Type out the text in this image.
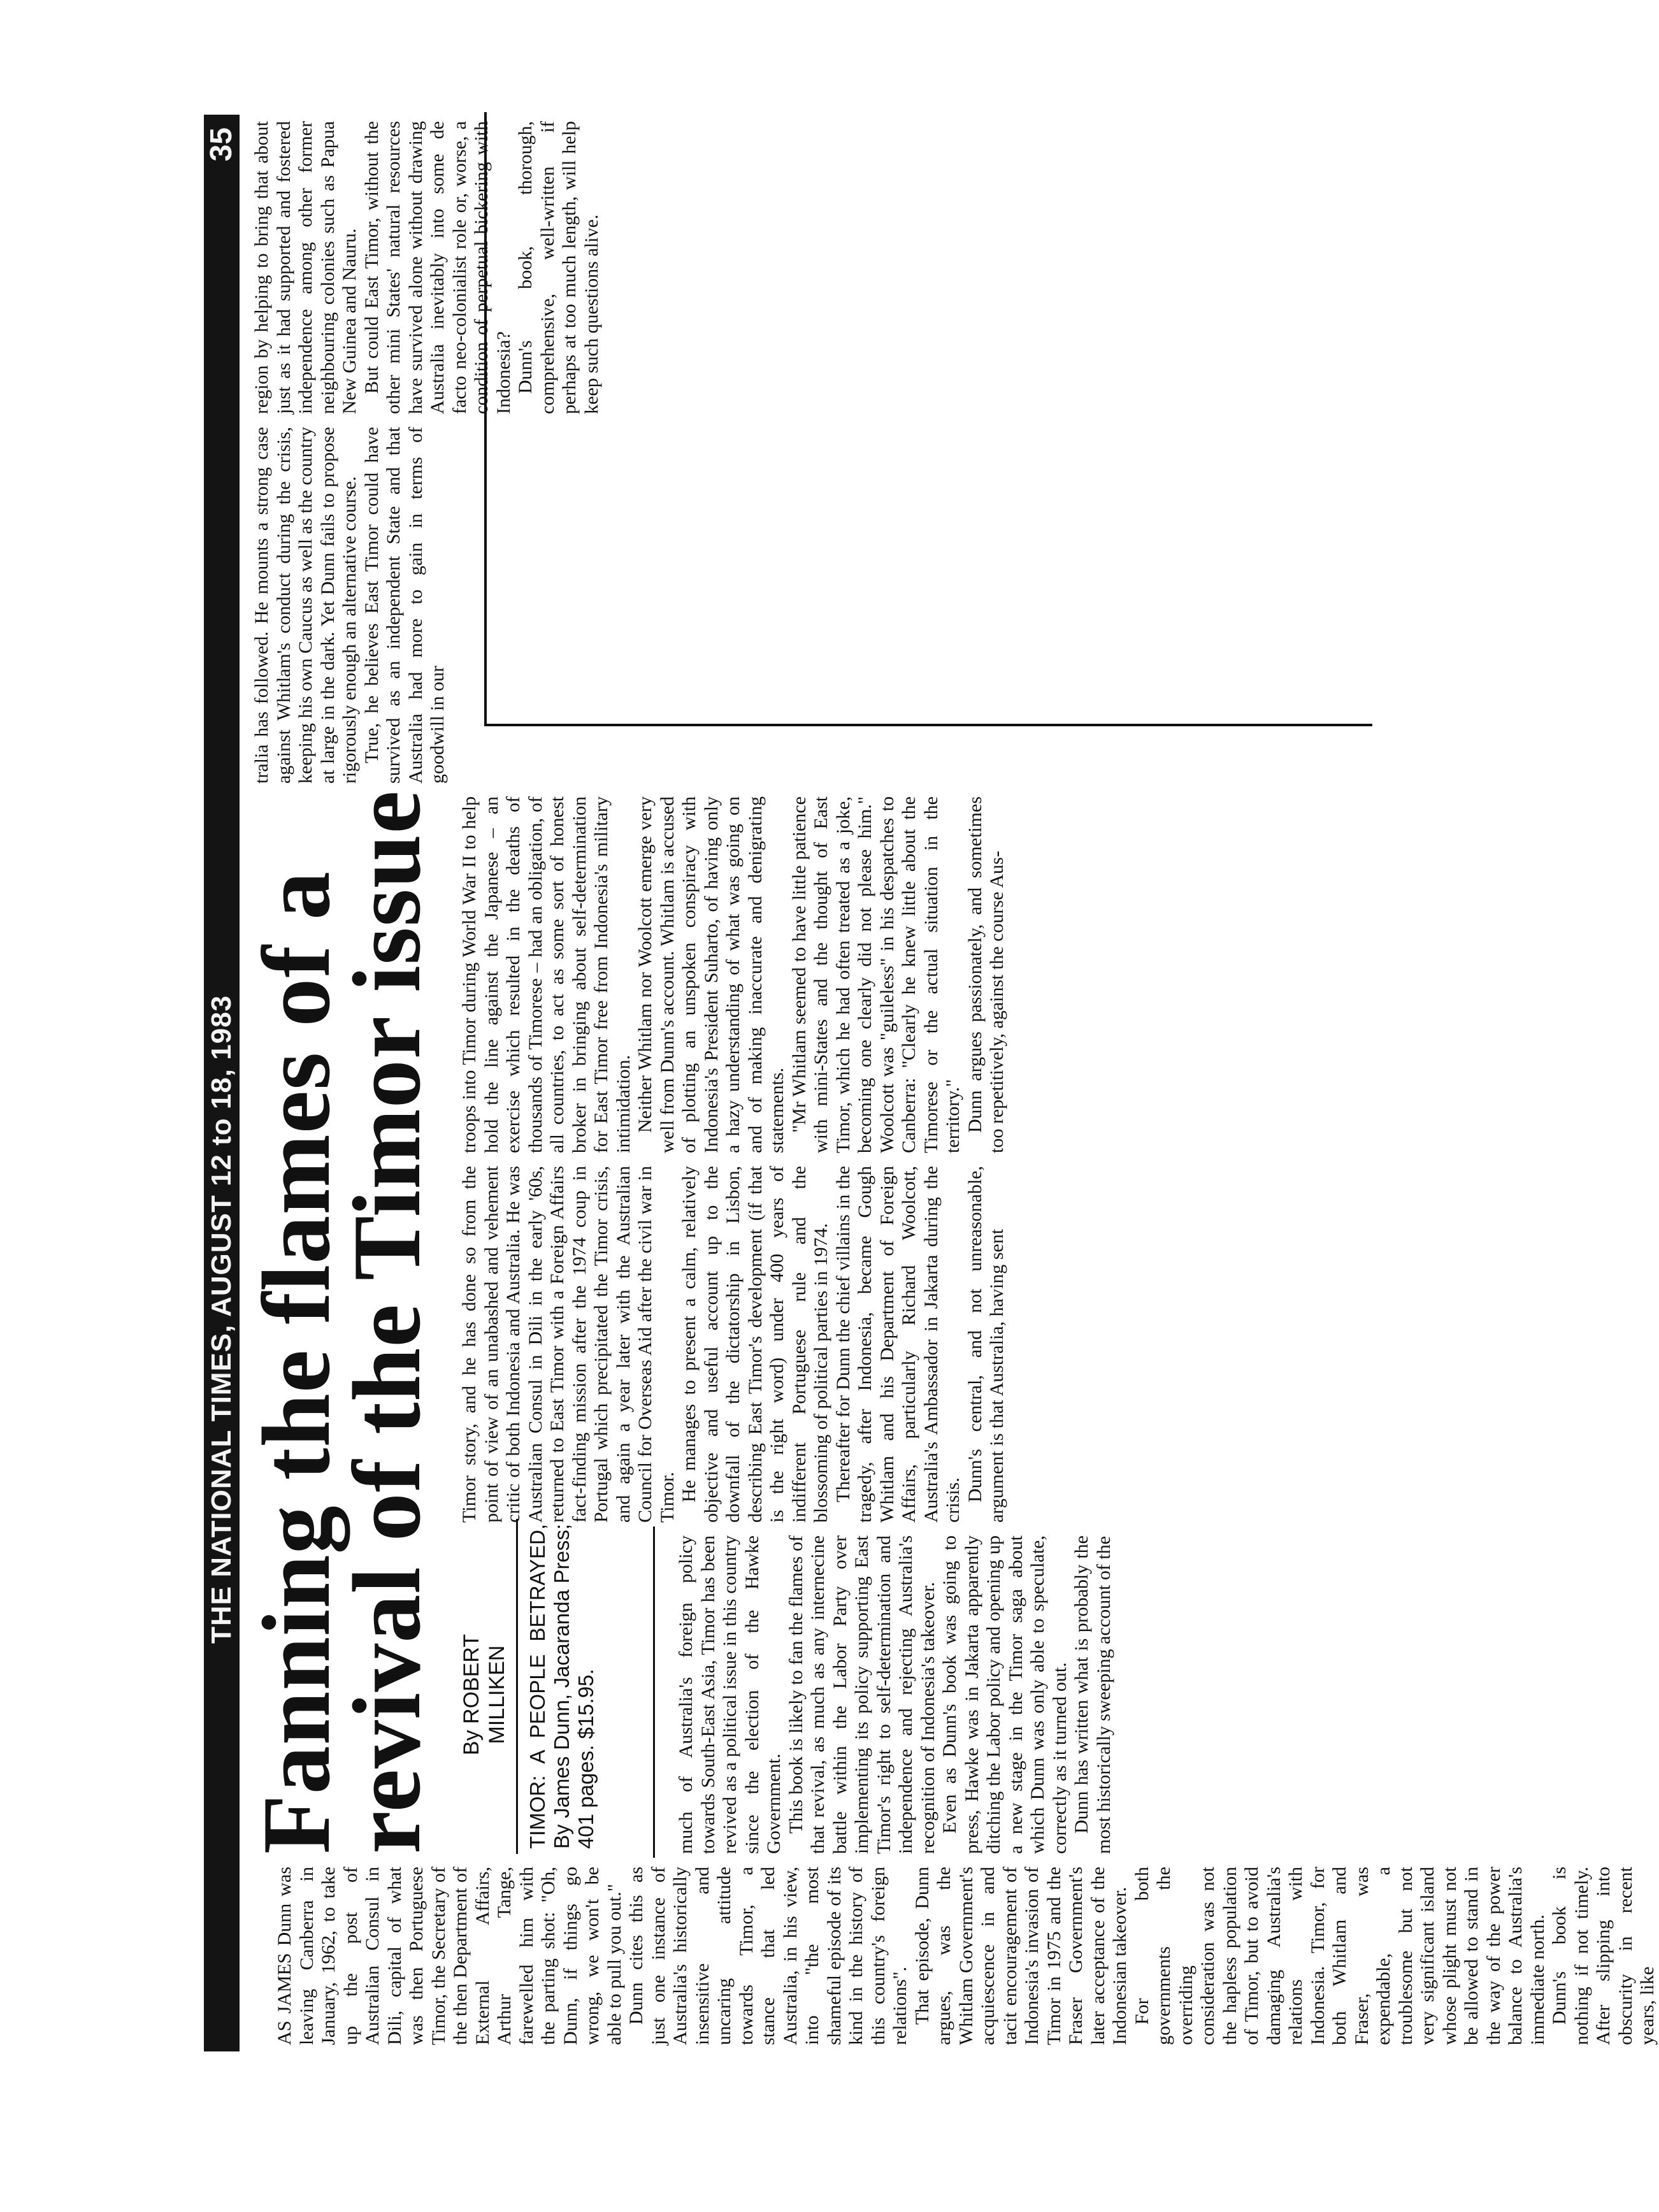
THE NATIONAL TIMES, AUGUST 12 to 18, 1983
35

AS JAMES Dunn was leaving Canberra in January, 1962, to take up the post of Australian Consul in Dili, capital of what was then Portuguese Timor, the Secretary of the then Department of External Affairs, Arthur Tange, farewelled him with the parting shot: "Oh, Dunn, if things go wrong, we won't be able to pull you out." Dunn cites this as just one instance of Australia's historically insensitive and uncaring attitude towards Timor, a stance that led Australia, in his view, into "the most shameful episode of its kind in the history of this country's foreign relations". That episode, Dunn argues, was the Whitlam Government's acquiescence in and tacit encouragement of Indonesia's invasion of Timor in 1975 and the Fraser Government's later acceptance of the Indonesian takeover. For both governments the overriding consideration was not the hapless population of Timor, but to avoid damaging Australia's relations with Indonesia. Timor, for both Whitlam and Fraser, was expendable, a troublesome but not very significant island whose plight must not be allowed to stand in the way of the power balance to Australia's immediate north. Dunn's book is nothing if not timely. After slipping into obscurity in recent years, like

Fanning the flames of a
revival of the Timor issue By ROBERT MILLIKEN TIMOR: A PEOPLE BETRAYED, By James Dunn, Jacaranda Press; 401 pages. $15.95.	much of Australia's foreign policy towards South-East Asia, Timor has been revived as a political issue in this country since the election of the Hawke Government. This book is likely to fan the flames of that revival, as much as any internecine battle within the Labor Party over implementing its policy supporting East Timor's right to self-determination and independence and rejecting Australia's recognition of Indonesia's takeover. Even as Dunn's book was going to press, Hawke was in Jakarta apparently ditching the Labor policy and opening up a new stage in the Timor saga about which Dunn was only able to speculate, correctly as it turned out. Dunn has written what is probably the most historically sweeping account of the

Timor story, and he has done so from the point of view of an unabashed and vehement critic of both Indonesia and Australia. He was Australian Consul in Dili in the early '60s, returned to East Timor with a Foreign Affairs fact-finding mission after the 1974 coup in Portugal which precipitated the Timor crisis, and again a year later with the Australian Council for Overseas Aid after the civil war in Timor. He manages to present a calm, relatively objective and useful account up to the downfall of the dictatorship in Lisbon, describing East Timor's development (if that is the right word) under 400 years of indifferent Portuguese rule and the blossoming of political parties in 1974. Thereafter for Dunn the chief villains in the tragedy, after Indonesia, became Gough Whitlam and his Department of Foreign Affairs, particularly Richard Woolcott, Australia's Ambassador in Jakarta during the crisis. Dunn's central, and not unreasonable, argument is that Australia, having sent

troops into Timor during World War II to help hold the line against the Japanese – an exercise which resulted in the deaths of thousands of Timorese – had an obligation, of all countries, to act as some sort of honest broker in bringing about self-determination for East Timor free from Indonesia's military intimidation. Neither Whitlam nor Woolcott emerge very well from Dunn's account. Whitlam is accused of plotting an unspoken conspiracy with Indonesia's President Suharto, of having only a hazy understanding of what was going on and of making inaccurate and denigrating statements. "Mr Whitlam seemed to have little patience with mini-States and the thought of East Timor, which he had often treated as a joke, becoming one clearly did not please him." Woolcott was "guileless" in his despatches to Canberra: "Clearly he knew little about the Timorese or the actual situation in the territory." Dunn argues passionately, and sometimes too repetitively, against the course Aus-

tralia has followed. He mounts a strong case against Whitlam's conduct during the crisis, keeping his own Caucus as well as the country at large in the dark. Yet Dunn fails to propose rigorously enough an alternative course. True, he believes East Timor could have survived as an independent State and that Australia had more to gain in terms of goodwill in our

region by helping to bring that about just as it had supported and fostered independence among other former neighbouring colonies such as Papua New Guinea and Nauru. But could East Timor, without the other mini States' natural resources have survived alone without drawing Australia inevitably into some de facto neo-colonialist role or, worse, a condition of perpetual bickering with Indonesia? Dunn's book, thorough, comprehensive, well-written if perhaps at too much length, will help keep such questions alive.
